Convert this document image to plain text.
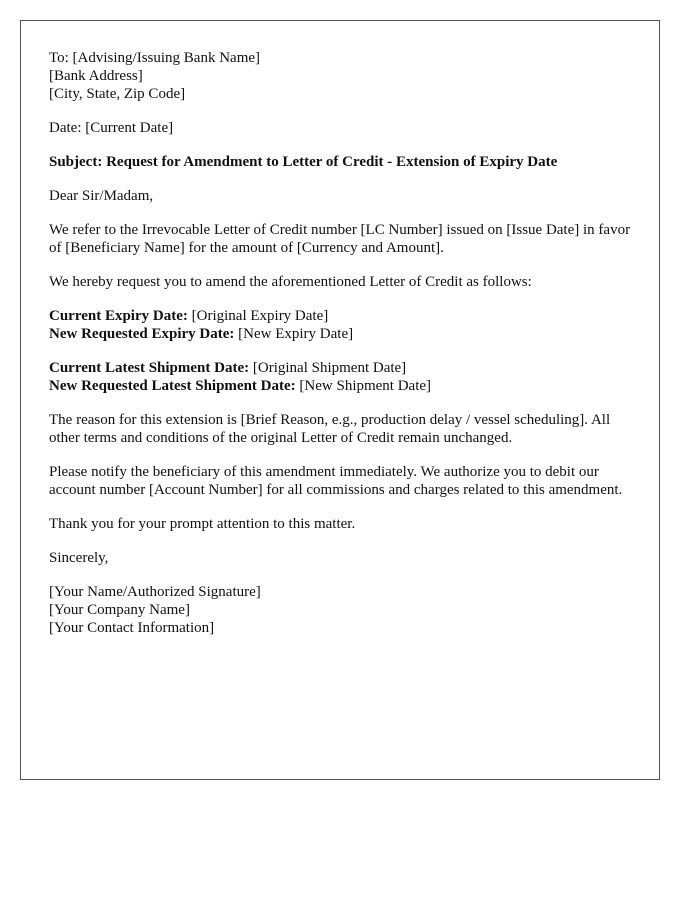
To: [Advising/Issuing Bank Name]
[Bank Address]
[City, State, Zip Code]

Date: [Current Date]

Subject: Request for Amendment to Letter of Credit - Extension of Expiry Date

Dear Sir/Madam,

We refer to the Irrevocable Letter of Credit number [LC Number] issued on [Issue Date] in favor of [Beneficiary Name] for the amount of [Currency and Amount].

We hereby request you to amend the aforementioned Letter of Credit as follows:

Current Expiry Date: [Original Expiry Date]
New Requested Expiry Date: [New Expiry Date]

Current Latest Shipment Date: [Original Shipment Date]
New Requested Latest Shipment Date: [New Shipment Date]

The reason for this extension is [Brief Reason, e.g., production delay / vessel scheduling]. All other terms and conditions of the original Letter of Credit remain unchanged.

Please notify the beneficiary of this amendment immediately. We authorize you to debit our account number [Account Number] for all commissions and charges related to this amendment.

Thank you for your prompt attention to this matter.

Sincerely,

[Your Name/Authorized Signature]
[Your Company Name]
[Your Contact Information]
